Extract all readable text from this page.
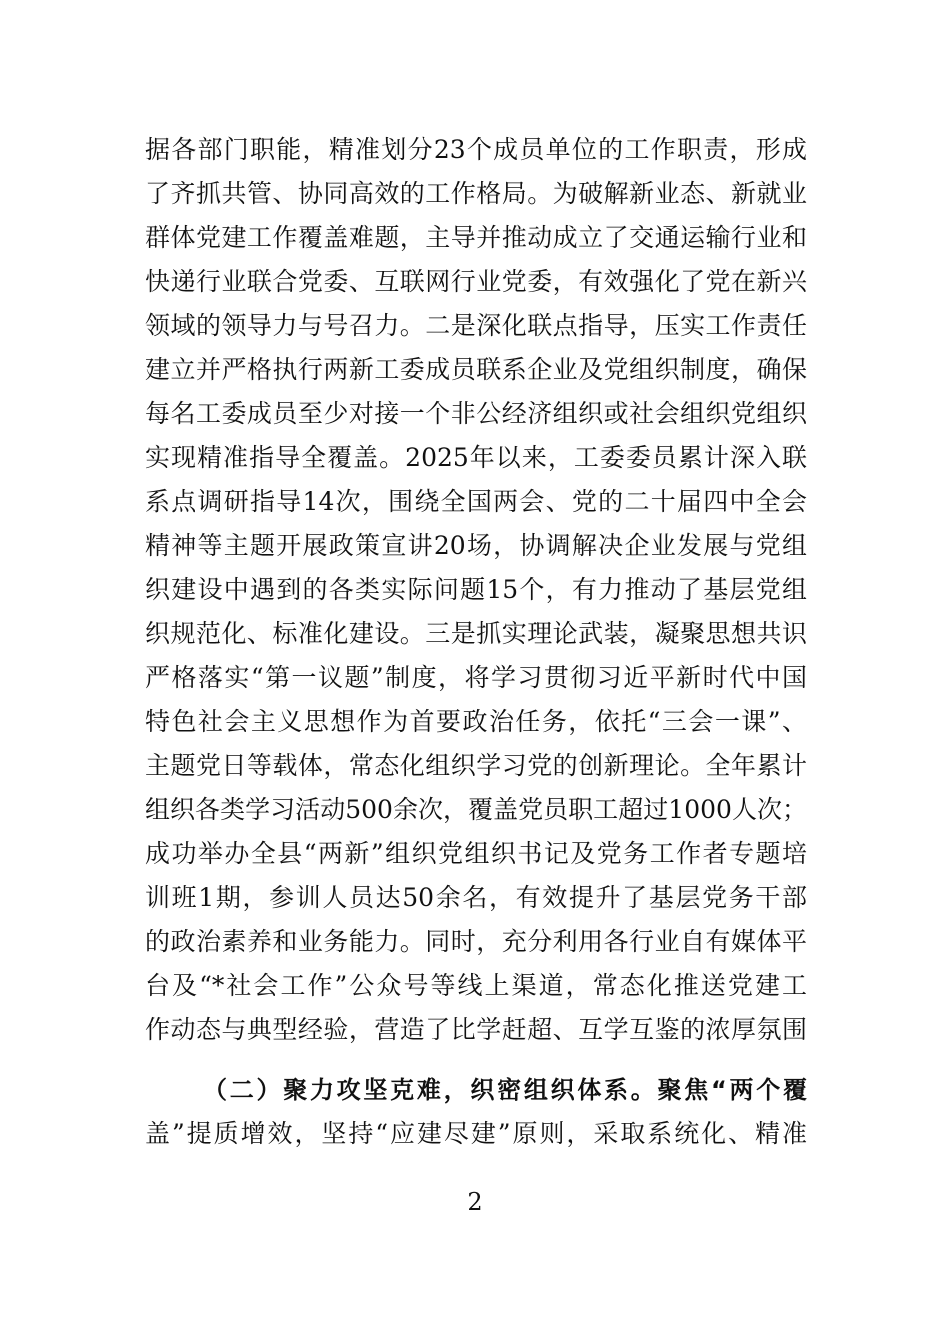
据各部门职能，精准划分23个成员单位的工作职责，形成
了齐抓共管、协同高效的工作格局。为破解新业态、新就业
群体党建工作覆盖难题，主导并推动成立了交通运输行业和
快递行业联合党委、互联网行业党委，有效强化了党在新兴
领域的领导力与号召力。二是深化联点指导，压实工作责任
建立并严格执行两新工委成员联系企业及党组织制度，确保
每名工委成员至少对接一个非公经济组织或社会组织党组织
实现精准指导全覆盖。2025年以来，工委委员累计深入联
系点调研指导14次，围绕全国两会、党的二十届四中全会
精神等主题开展政策宣讲20场，协调解决企业发展与党组
织建设中遇到的各类实际问题15个，有力推动了基层党组
织规范化、标准化建设。三是抓实理论武装，凝聚思想共识
严格落实“第一议题”制度，将学习贯彻习近平新时代中国
特色社会主义思想作为首要政治任务，依托“三会一课”、
主题党日等载体，常态化组织学习党的创新理论。全年累计
组织各类学习活动500余次，覆盖党员职工超过1000人次；
成功举办全县“两新”组织党组织书记及党务工作者专题培
训班1期，参训人员达50余名，有效提升了基层党务干部
的政治素养和业务能力。同时，充分利用各行业自有媒体平
台及“*社会工作”公众号等线上渠道，常态化推送党建工
作动态与典型经验，营造了比学赶超、互学互鉴的浓厚氛围
（二）聚力攻坚克难，织密组织体系。聚焦“两个覆
盖”提质增效，坚持“应建尽建”原则，采取系统化、精准
2
